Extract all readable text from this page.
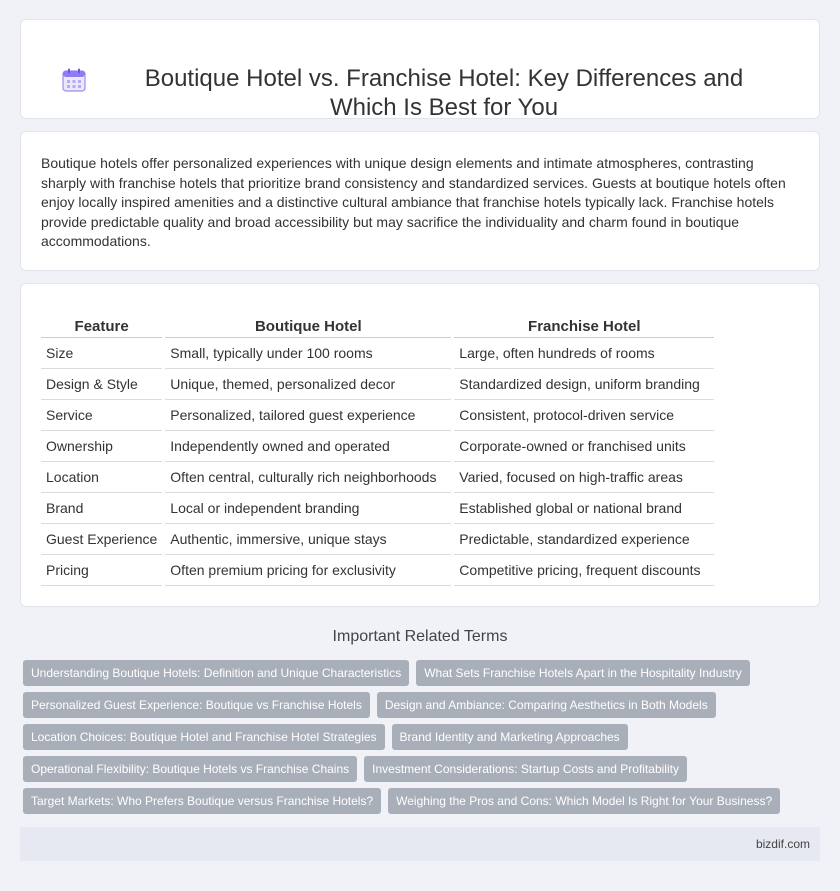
Boutique Hotel vs. Franchise Hotel: Key Differences and Which Is Best for You

Boutique hotels offer personalized experiences with unique design elements and intimate atmospheres, contrasting sharply with franchise hotels that prioritize brand consistency and standardized services. Guests at boutique hotels often enjoy locally inspired amenities and a distinctive cultural ambiance that franchise hotels typically lack. Franchise hotels provide predictable quality and broad accessibility but may sacrifice the individuality and charm found in boutique accommodations.

Feature	Boutique Hotel	Franchise Hotel
Size	Small, typically under 100 rooms	Large, often hundreds of rooms
Design & Style	Unique, themed, personalized decor	Standardized design, uniform branding
Service	Personalized, tailored guest experience	Consistent, protocol-driven service
Ownership	Independently owned and operated	Corporate-owned or franchised units
Location	Often central, culturally rich neighborhoods	Varied, focused on high-traffic areas
Brand	Local or independent branding	Established global or national brand
Guest Experience	Authentic, immersive, unique stays	Predictable, standardized experience
Pricing	Often premium pricing for exclusivity	Competitive pricing, frequent discounts
Important Related Terms
Understanding Boutique Hotels: Definition and Unique Characteristics	What Sets Franchise Hotels Apart in the Hospitality Industry
Personalized Guest Experience: Boutique vs Franchise Hotels	Design and Ambiance: Comparing Aesthetics in Both Models
Location Choices: Boutique Hotel and Franchise Hotel Strategies	Brand Identity and Marketing Approaches
Operational Flexibility: Boutique Hotels vs Franchise Chains	Investment Considerations: Startup Costs and Profitability
Target Markets: Who Prefers Boutique versus Franchise Hotels?	Weighing the Pros and Cons: Which Model Is Right for Your Business?
bizdif.com
